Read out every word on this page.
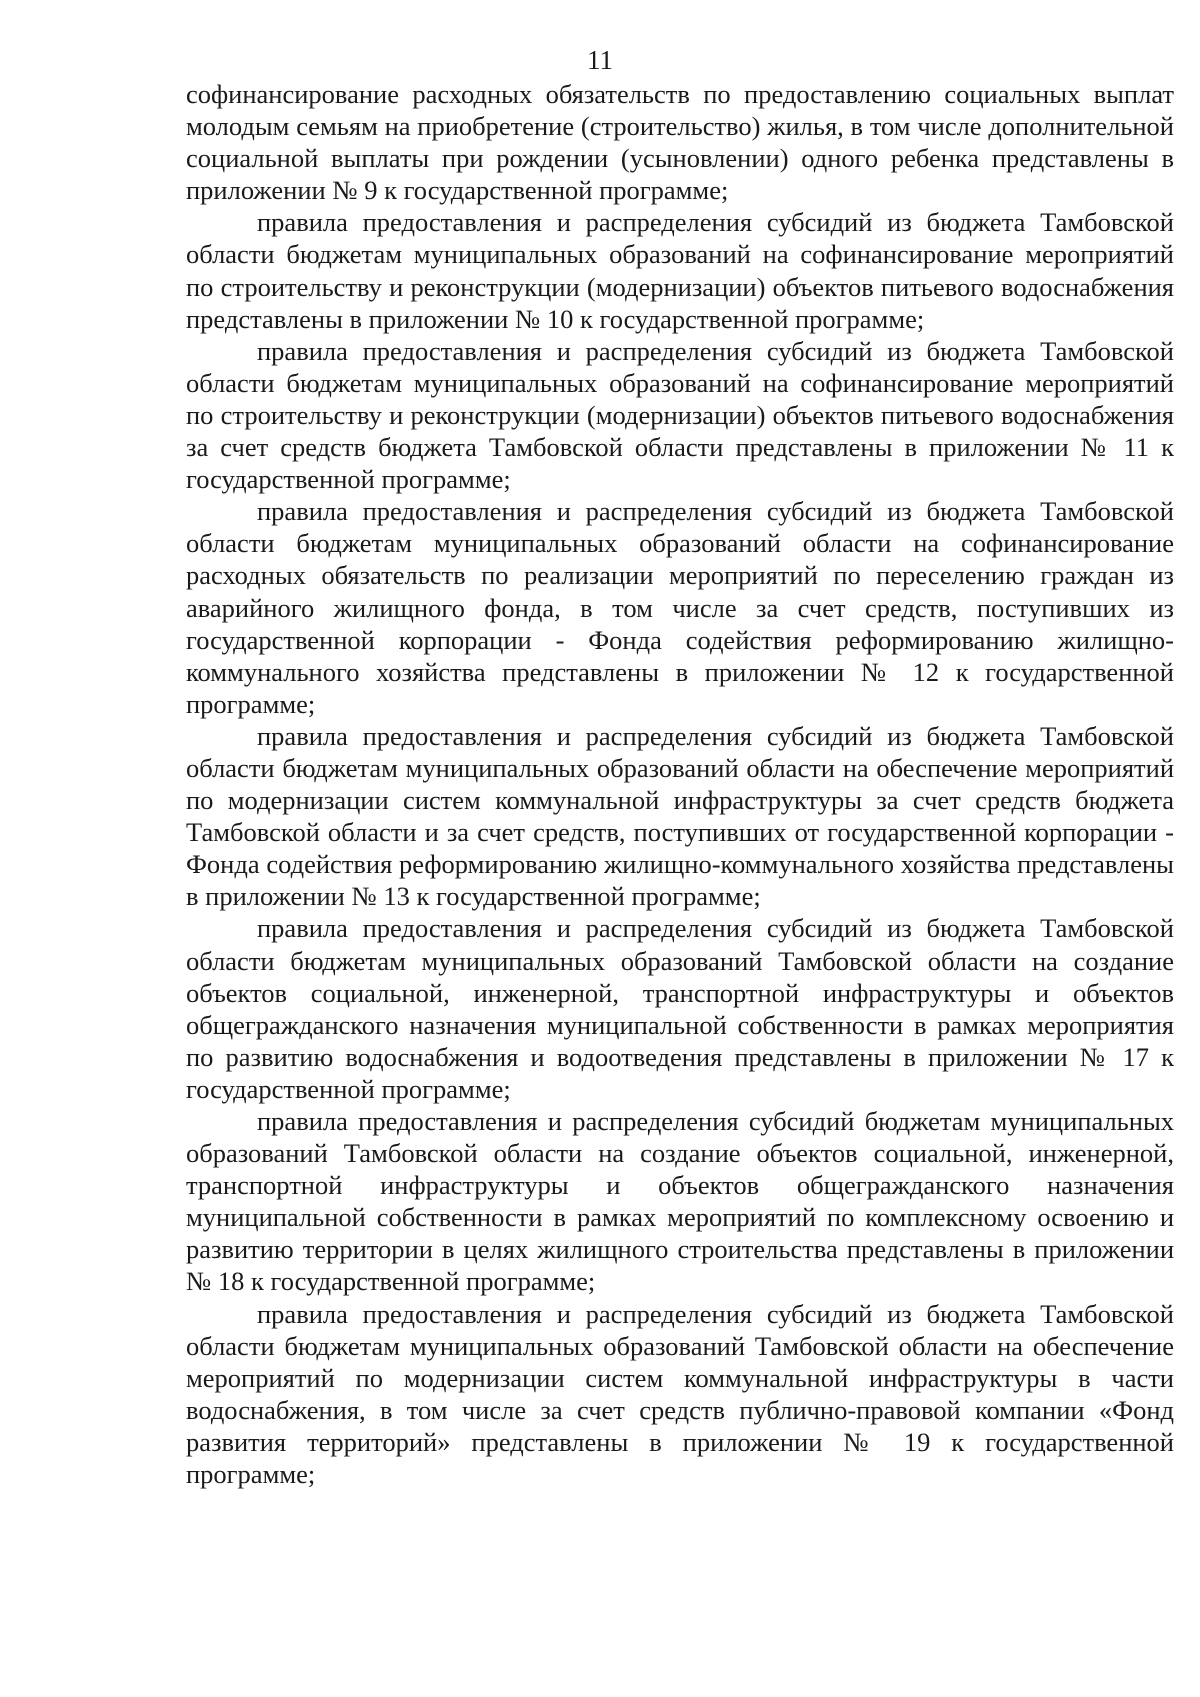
11

софинансирование расходных обязательств по предоставлению социальных выплат молодым семьям на приобретение (строительство) жилья, в том числе дополнительной социальной выплаты при рождении (усыновлении) одного ребенка представлены в приложении № 9 к государственной программе;

правила предоставления и распределения субсидий из бюджета Тамбовской области бюджетам муниципальных образований на софинансирование мероприятий по строительству и реконструкции (модернизации) объектов питьевого водоснабжения представлены в приложении № 10 к государственной программе;

правила предоставления и распределения субсидий из бюджета Тамбовской области бюджетам муниципальных образований на софинансирование мероприятий по строительству и реконструкции (модернизации) объектов питьевого водоснабжения за счет средств бюджета Тамбовской области представлены в приложении № 11 к государственной программе;

правила предоставления и распределения субсидий из бюджета Тамбовской области бюджетам муниципальных образований области на софинансирование расходных обязательств по реализации мероприятий по переселению граждан из аварийного жилищного фонда, в том числе за счет средств, поступивших из государственной корпорации - Фонда содействия реформированию жилищно-коммунального хозяйства представлены в приложении № 12 к государственной программе;

правила предоставления и распределения субсидий из бюджета Тамбовской области бюджетам муниципальных образований области на обеспечение мероприятий по модернизации систем коммунальной инфраструктуры за счет средств бюджета Тамбовской области и за счет средств, поступивших от государственной корпорации - Фонда содействия реформированию жилищно-коммунального хозяйства представлены в приложении № 13 к государственной программе;

правила предоставления и распределения субсидий из бюджета Тамбовской области бюджетам муниципальных образований Тамбовской области на создание объектов социальной, инженерной, транспортной инфраструктуры и объектов общегражданского назначения муниципальной собственности в рамках мероприятия по развитию водоснабжения и водоотведения представлены в приложении № 17 к государственной программе;

правила предоставления и распределения субсидий бюджетам муниципальных образований Тамбовской области на создание объектов социальной, инженерной, транспортной инфраструктуры и объектов общегражданского назначения муниципальной собственности в рамках мероприятий по комплексному освоению и развитию территории в целях жилищного строительства представлены в приложении № 18 к государственной программе;

правила предоставления и распределения субсидий из бюджета Тамбовской области бюджетам муниципальных образований Тамбовской области на обеспечение мероприятий по модернизации систем коммунальной инфраструктуры в части водоснабжения, в том числе за счет средств публично-правовой компании «Фонд развития территорий» представлены в приложении № 19 к государственной программе;
